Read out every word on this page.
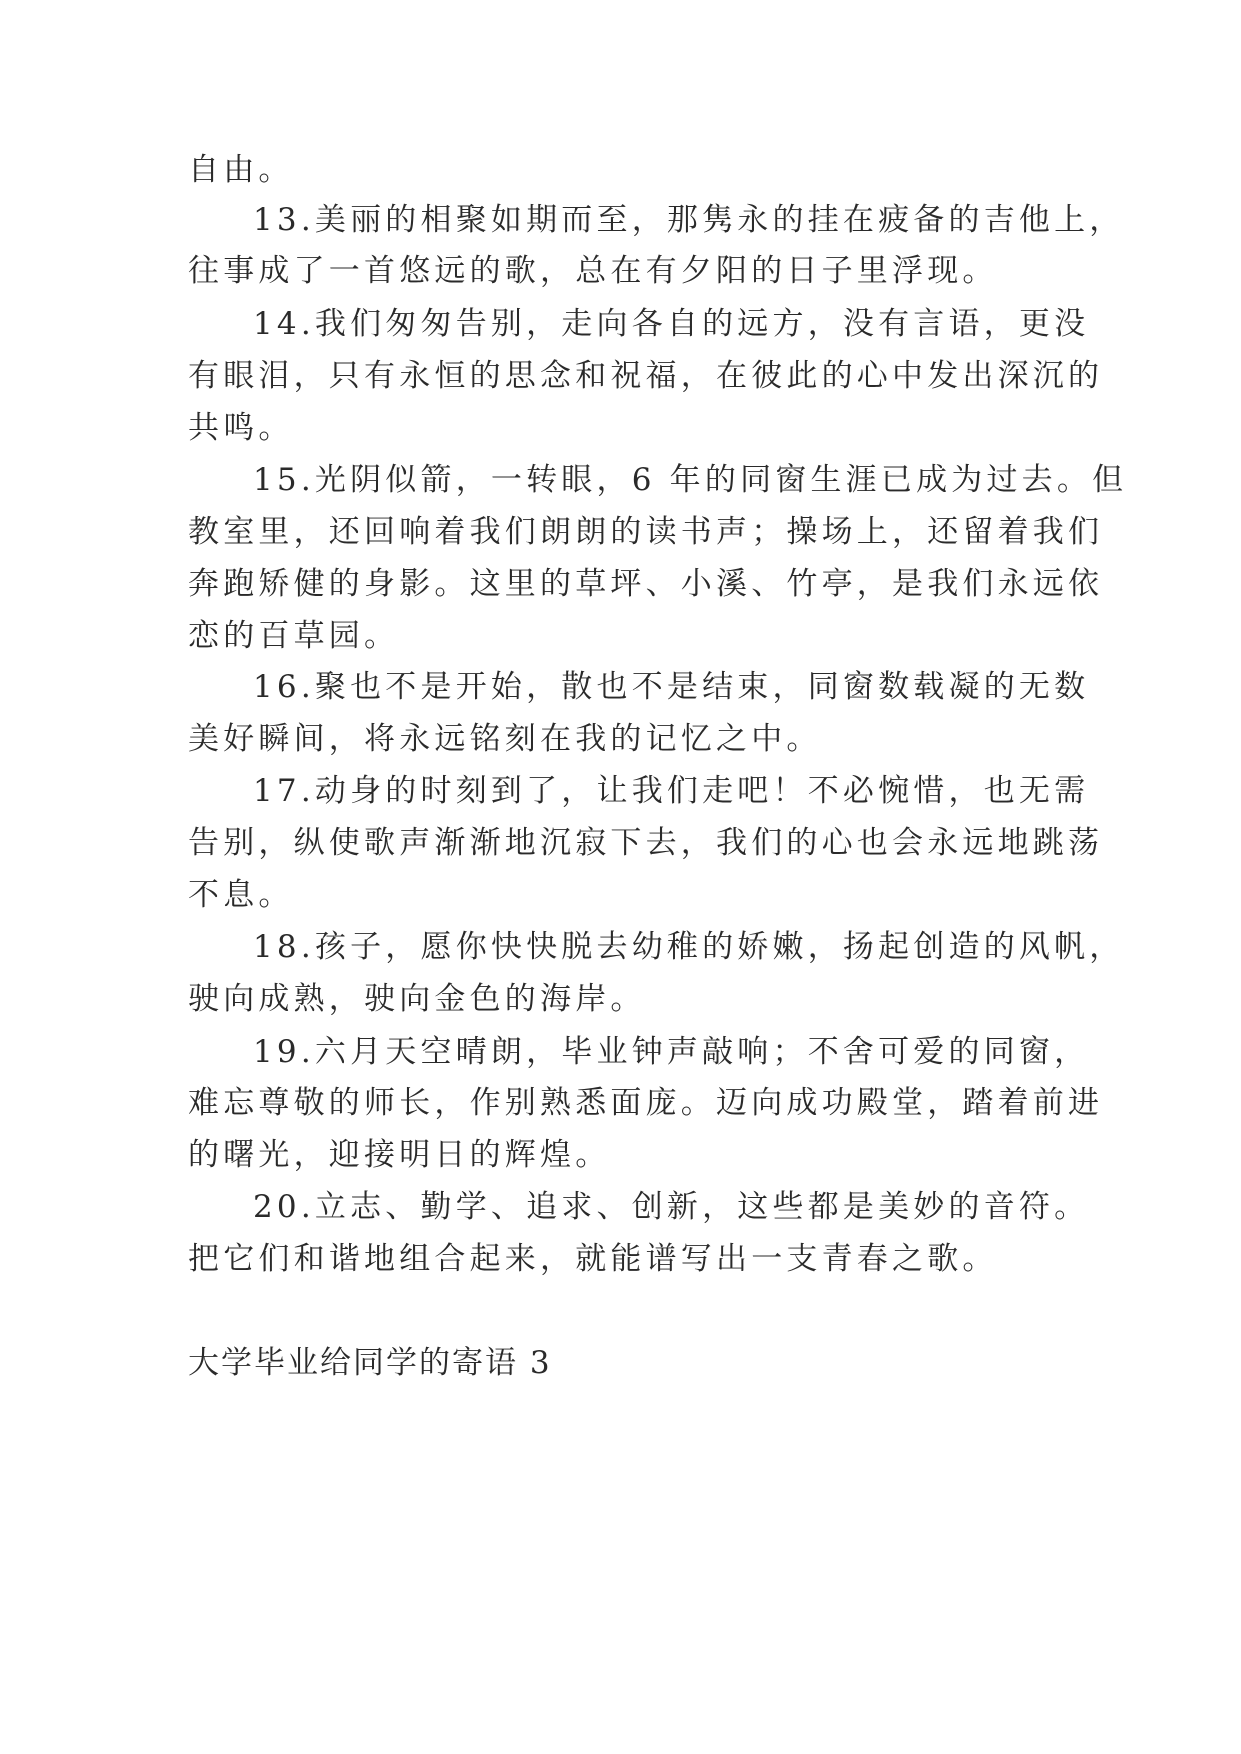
自由。
13.美丽的相聚如期而至，那隽永的挂在疲备的吉他上，
往事成了一首悠远的歌，总在有夕阳的日子里浮现。
14.我们匆匆告别，走向各自的远方，没有言语，更没
有眼泪，只有永恒的思念和祝福，在彼此的心中发出深沉的
共鸣。
15.光阴似箭，一转眼，6 年的同窗生涯已成为过去。但
教室里，还回响着我们朗朗的读书声；操场上，还留着我们
奔跑矫健的身影。这里的草坪、小溪、竹亭，是我们永远依
恋的百草园。
16.聚也不是开始，散也不是结束，同窗数载凝的无数
美好瞬间，将永远铭刻在我的记忆之中。
17.动身的时刻到了，让我们走吧！不必惋惜，也无需
告别，纵使歌声渐渐地沉寂下去，我们的心也会永远地跳荡
不息。
18.孩子，愿你快快脱去幼稚的娇嫩，扬起创造的风帆，
驶向成熟，驶向金色的海岸。
19.六月天空晴朗，毕业钟声敲响；不舍可爱的同窗，
难忘尊敬的师长，作别熟悉面庞。迈向成功殿堂，踏着前进
的曙光，迎接明日的辉煌。
20.立志、勤学、追求、创新，这些都是美妙的音符。
把它们和谐地组合起来，就能谱写出一支青春之歌。
大学毕业给同学的寄语 3
